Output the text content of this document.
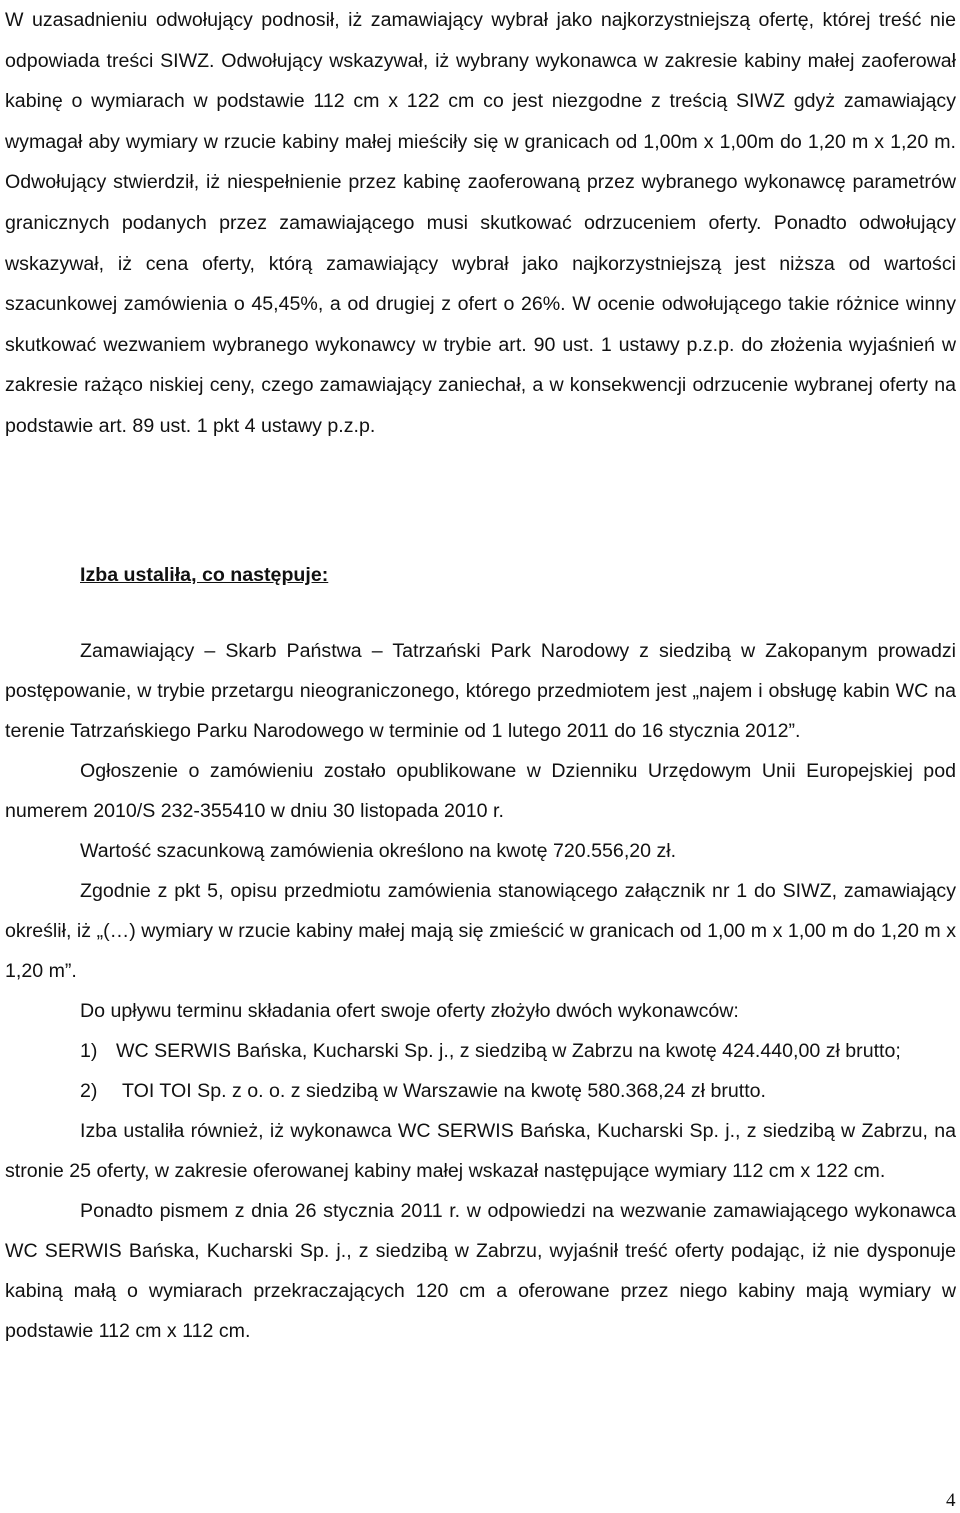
W uzasadnieniu odwołujący podnosił, iż zamawiający wybrał jako najkorzystniejszą ofertę, której treść nie odpowiada treści SIWZ. Odwołujący wskazywał, iż wybrany wykonawca w zakresie kabiny małej zaoferował kabinę o wymiarach w podstawie 112 cm x 122 cm co jest niezgodne z treścią SIWZ gdyż zamawiający wymagał aby wymiary w rzucie kabiny małej mieściły się w granicach od 1,00m x 1,00m do 1,20 m x 1,20 m. Odwołujący stwierdził, iż niespełnienie przez kabinę zaoferowaną przez wybranego wykonawcę parametrów granicznych podanych przez zamawiającego musi skutkować odrzuceniem oferty. Ponadto odwołujący wskazywał, iż cena oferty, którą zamawiający wybrał jako najkorzystniejszą jest niższa od wartości szacunkowej zamówienia o 45,45%, a od drugiej z ofert o 26%. W ocenie odwołującego takie różnice winny skutkować wezwaniem wybranego wykonawcy w trybie art. 90 ust. 1 ustawy p.z.p. do złożenia wyjaśnień w zakresie rażąco niskiej ceny, czego zamawiający zaniechał, a w konsekwencji odrzucenie wybranej oferty na podstawie art. 89 ust. 1 pkt 4 ustawy p.z.p.

Izba ustaliła, co następuje:

Zamawiający – Skarb Państwa – Tatrzański Park Narodowy z siedzibą w Zakopanym prowadzi postępowanie, w trybie przetargu nieograniczonego, którego przedmiotem jest „najem i obsługę kabin WC na terenie Tatrzańskiego Parku Narodowego w terminie od 1 lutego 2011 do 16 stycznia 2012”.

Ogłoszenie o zamówieniu zostało opublikowane w Dzienniku Urzędowym Unii Europejskiej pod numerem 2010/S 232-355410 w dniu 30 listopada 2010 r.

Wartość szacunkową zamówienia określono na kwotę 720.556,20 zł.

Zgodnie z pkt 5, opisu przedmiotu zamówienia stanowiącego załącznik nr 1 do SIWZ, zamawiający określił, iż „(…) wymiary w rzucie kabiny małej mają się zmieścić w granicach od 1,00 m x 1,00 m do 1,20 m x 1,20 m”.

Do upływu terminu składania ofert swoje oferty złożyło dwóch wykonawców:

1) WC SERWIS Bańska, Kucharski Sp. j., z siedzibą w Zabrzu na kwotę 424.440,00 zł brutto;
2) TOI TOI Sp. z o. o. z siedzibą w Warszawie na kwotę 580.368,24 zł brutto.

Izba ustaliła również, iż wykonawca WC SERWIS Bańska, Kucharski Sp. j., z siedzibą w Zabrzu, na stronie 25 oferty, w zakresie oferowanej kabiny małej wskazał następujące wymiary 112 cm x 122 cm.

Ponadto pismem z dnia 26 stycznia 2011 r. w odpowiedzi na wezwanie zamawiającego wykonawca WC SERWIS Bańska, Kucharski Sp. j., z siedzibą w Zabrzu, wyjaśnił treść oferty podając, iż nie dysponuje kabiną małą o wymiarach przekraczających 120 cm a oferowane przez niego kabiny mają wymiary w podstawie 112 cm x 112 cm.

4
